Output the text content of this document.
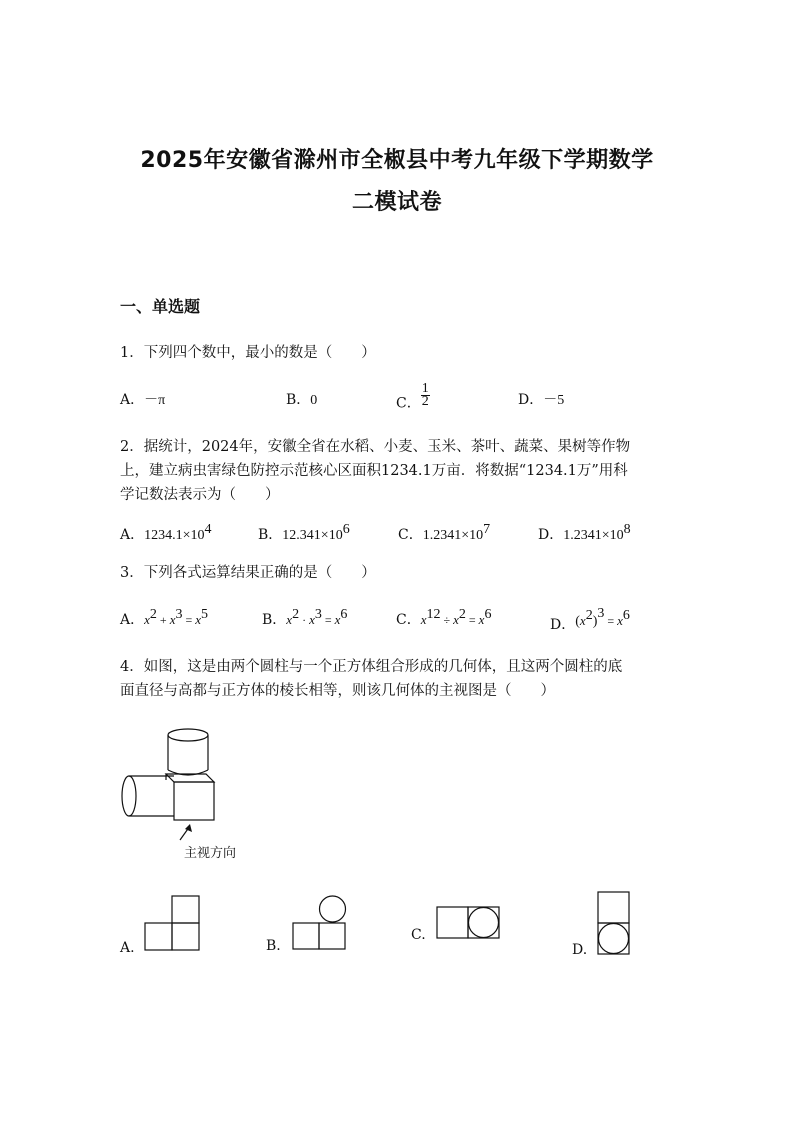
2025年安徽省滁州市全椒县中考九年级下学期数学
二模试卷
一、单选题
1．下列四个数中，最小的数是（　　）
A．－π	B．0	C． $\frac{1}{2}$	D．－5
2．据统计，2024年，安徽全省在水稻、小麦、玉米、茶叶、蔬菜、果树等作物
上，建立病虫害绿色防控示范核心区面积1234.1万亩．将数据“1234.1万”用科
学记数法表示为（　　）
A．$1234.1\times 10^4$	B．$12.341\times 10^6$	C．$1.2341\times 10^7$	D．$1.2341\times 10^8$
3．下列各式运算结果正确的是（　　）
A．$x^2 + x^3 = x^5$	B．$x^2 \cdot x^3 = x^6$	C．$x^{12} \div x^2 = x^6$
D．$(x^2)^3 = x^6$
4．如图，这是由两个圆柱与一个正方体组合形成的几何体，且这两个圆柱的底
面直径与高都与正方体的棱长相等，则该几何体的主视图是（　　）
主视方向
A.	B.
C.
D.
